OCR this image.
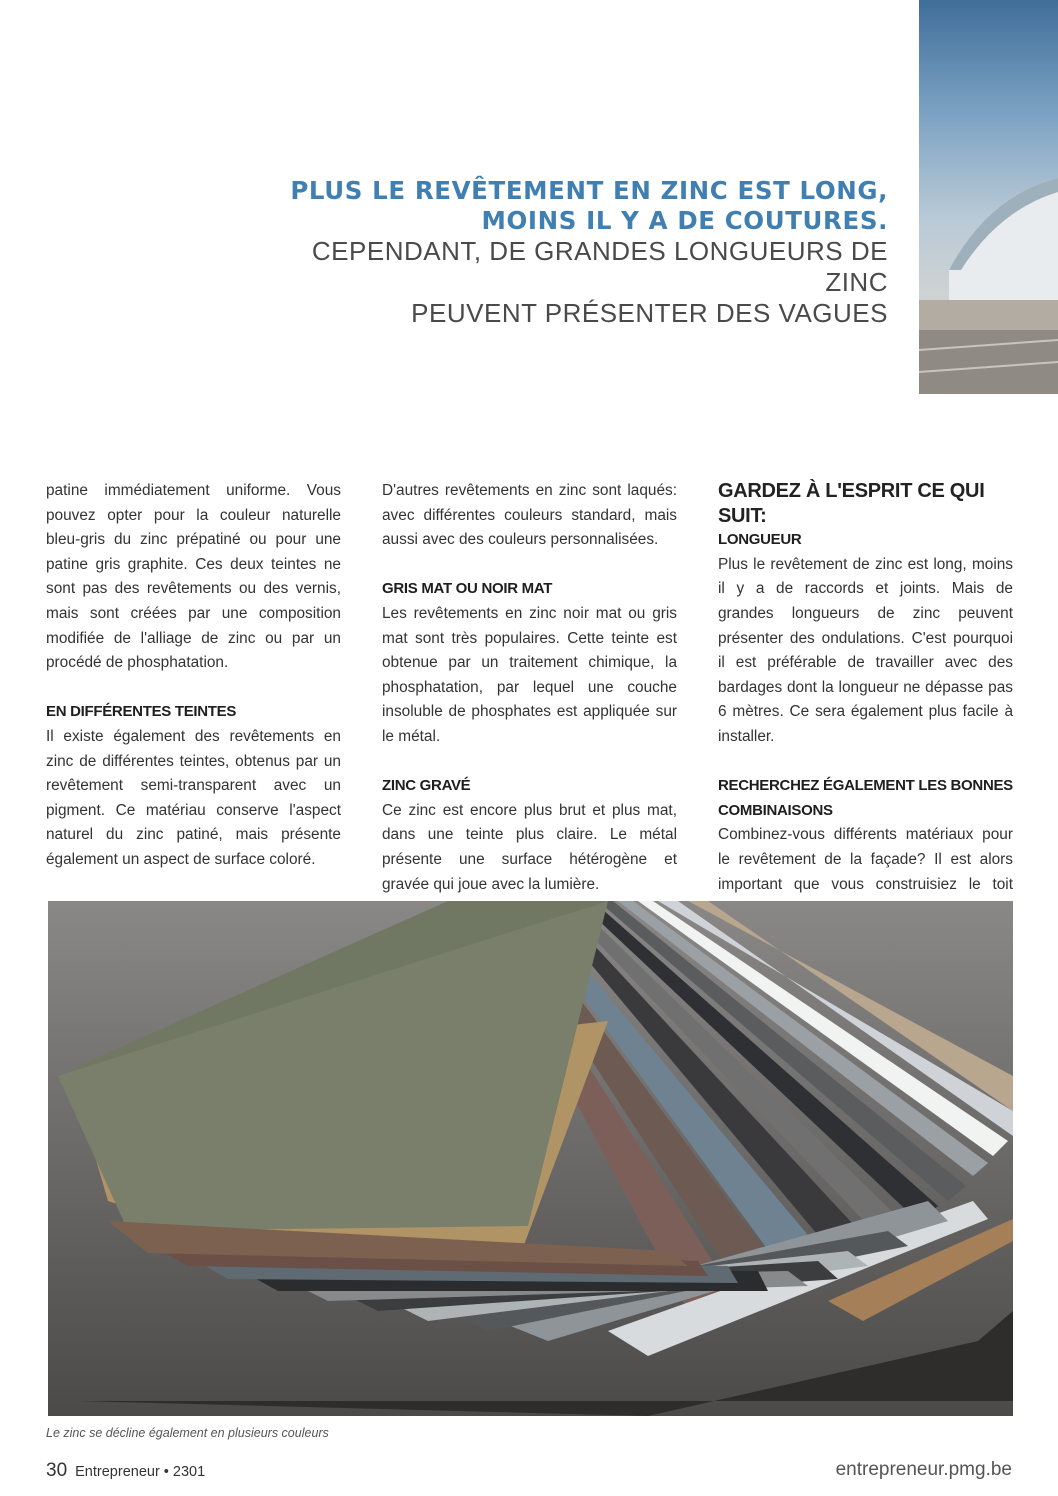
PLUS LE REVÊTEMENT EN ZINC EST LONG,
MOINS IL Y A DE COUTURES.
CEPENDANT, DE GRANDES LONGUEURS DE ZINC
PEUVENT PRÉSENTER DES VAGUES

patine immédiatement uniforme. Vous pouvez opter pour la couleur naturelle bleu-gris du zinc prépatiné ou pour une patine gris graphite. Ces deux teintes ne sont pas des revêtements ou des vernis, mais sont créées par une composition modifiée de l'alliage de zinc ou par un procédé de phosphatation.

EN DIFFÉRENTES TEINTES

Il existe également des revêtements en zinc de différentes teintes, obtenus par un revêtement semi-transparent avec un pigment. Ce matériau conserve l'aspect naturel du zinc patiné, mais présente également un aspect de surface coloré.

D'autres revêtements en zinc sont laqués: avec différentes couleurs standard, mais aussi avec des couleurs personnalisées.

GRIS MAT OU NOIR MAT

Les revêtements en zinc noir mat ou gris mat sont très populaires. Cette teinte est obtenue par un traitement chimique, la phosphatation, par lequel une couche insoluble de phosphates est appliquée sur le métal.

ZINC GRAVÉ

Ce zinc est encore plus brut et plus mat, dans une teinte plus claire. Le métal présente une surface hétérogène et gravée qui joue avec la lumière.

GARDEZ À L'ESPRIT CE QUI SUIT:
LONGUEUR

Plus le revêtement de zinc est long, moins il y a de raccords et joints. Mais de grandes longueurs de zinc peuvent présenter des ondulations. C'est pourquoi il est préférable de travailler avec des bardages dont la longueur ne dépasse pas 6 mètres. Ce sera également plus facile à installer.

RECHERCHEZ ÉGALEMENT LES BONNES
COMBINAISONS

Combinez-vous différents matériaux pour le revêtement de la façade? Il est alors important que vous construisiez le toit

Le zinc se décline également en plusieurs couleurs
30 Entrepreneur • 2301	entrepreneur.pmg.be
